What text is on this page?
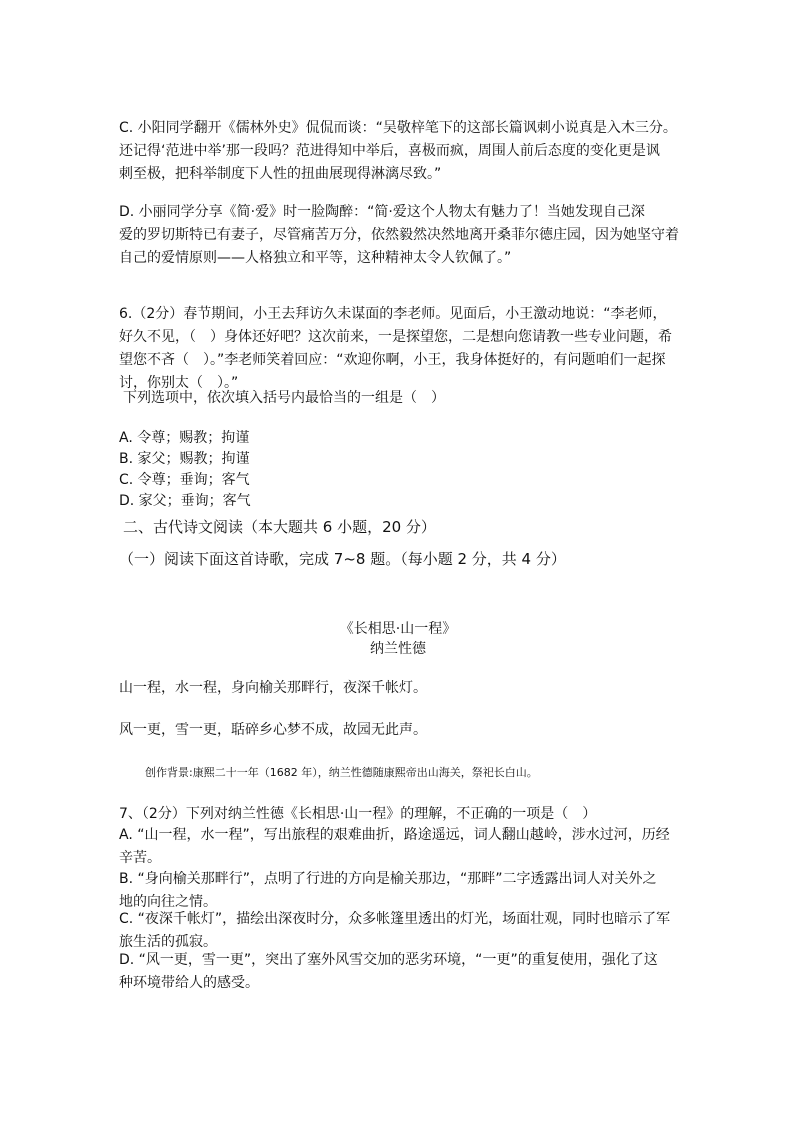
C. 小阳同学翻开《儒林外史》侃侃而谈：“吴敬梓笔下的这部长篇讽刺小说真是入木三分。
还记得‘范进中举’那一段吗？范进得知中举后，喜极而疯，周围人前后态度的变化更是讽
刺至极，把科举制度下人性的扭曲展现得淋漓尽致。”
D. 小丽同学分享《简·爱》时一脸陶醉：“简·爱这个人物太有魅力了！当她发现自己深
爱的罗切斯特已有妻子，尽管痛苦万分，依然毅然决然地离开桑菲尔德庄园，因为她坚守着
自己的爱情原则——人格独立和平等，这种精神太令人钦佩了。”
6.（2分）春节期间，小王去拜访久未谋面的李老师。见面后，小王激动地说：“李老师，
好久不见，（　）身体还好吧？这次前来，一是探望您，二是想向您请教一些专业问题，希
望您不吝（　）。”李老师笑着回应：“欢迎你啊，小王，我身体挺好的，有问题咱们一起探
讨，你别太（　）。”
下列选项中，依次填入括号内最恰当的一组是（　）
A. 令尊；赐教；拘谨
B. 家父；赐教；拘谨
C. 令尊；垂询；客气
D. 家父；垂询；客气
二、古代诗文阅读（本大题共 6 小题，20 分）
（一）阅读下面这首诗歌，完成 7~8 题。（每小题 2 分，共 4 分）
《长相思·山一程》
纳兰性德
山一程，水一程，身向榆关那畔行，夜深千帐灯。
风一更，雪一更，聒碎乡心梦不成，故园无此声。
创作背景:康熙二十一年（1682 年），纳兰性德随康熙帝出山海关，祭祀长白山。
7、（2分）下列对纳兰性德《长相思·山一程》的理解，不正确的一项是（　）
A. “山一程，水一程”，写出旅程的艰难曲折，路途遥远，词人翻山越岭，涉水过河，历经
辛苦。
B. “身向榆关那畔行”，点明了行进的方向是榆关那边，“那畔”二字透露出词人对关外之
地的向往之情。
C. “夜深千帐灯”，描绘出深夜时分，众多帐篷里透出的灯光，场面壮观，同时也暗示了军
旅生活的孤寂。
D. “风一更，雪一更”，突出了塞外风雪交加的恶劣环境，“一更”的重复使用，强化了这
种环境带给人的感受。
